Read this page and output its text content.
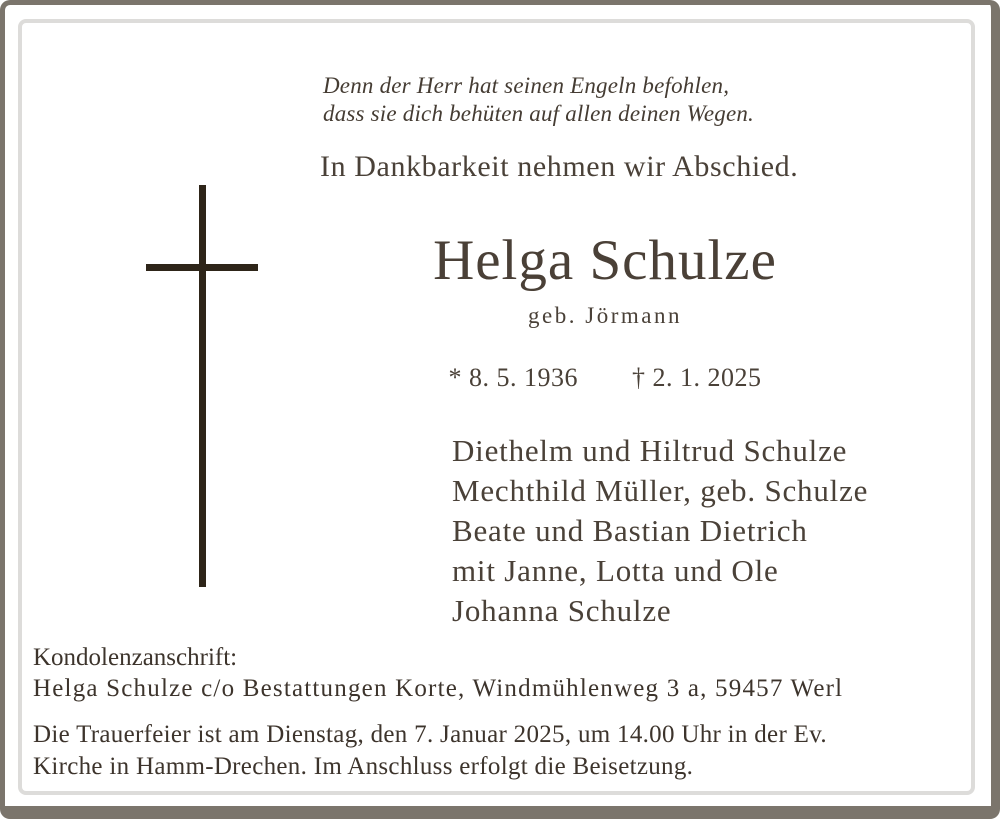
Denn der Herr hat seinen Engeln befohlen,
dass sie dich behüten auf allen deinen Wegen.
In Dankbarkeit nehmen wir Abschied.
Helga Schulze
geb. Jörmann
* 8. 5. 1936 † 2. 1. 2025
Diethelm und Hiltrud Schulze
Mechthild Müller, geb. Schulze
Beate und Bastian Dietrich
mit Janne, Lotta und Ole
Johanna Schulze
Kondolenzanschrift:
Helga Schulze c/o Bestattungen Korte, Windmühlenweg 3 a, 59457 Werl
Die Trauerfeier ist am Dienstag, den 7. Januar 2025, um 14.00 Uhr in der Ev.
Kirche in Hamm-Drechen. Im Anschluss erfolgt die Beisetzung.
